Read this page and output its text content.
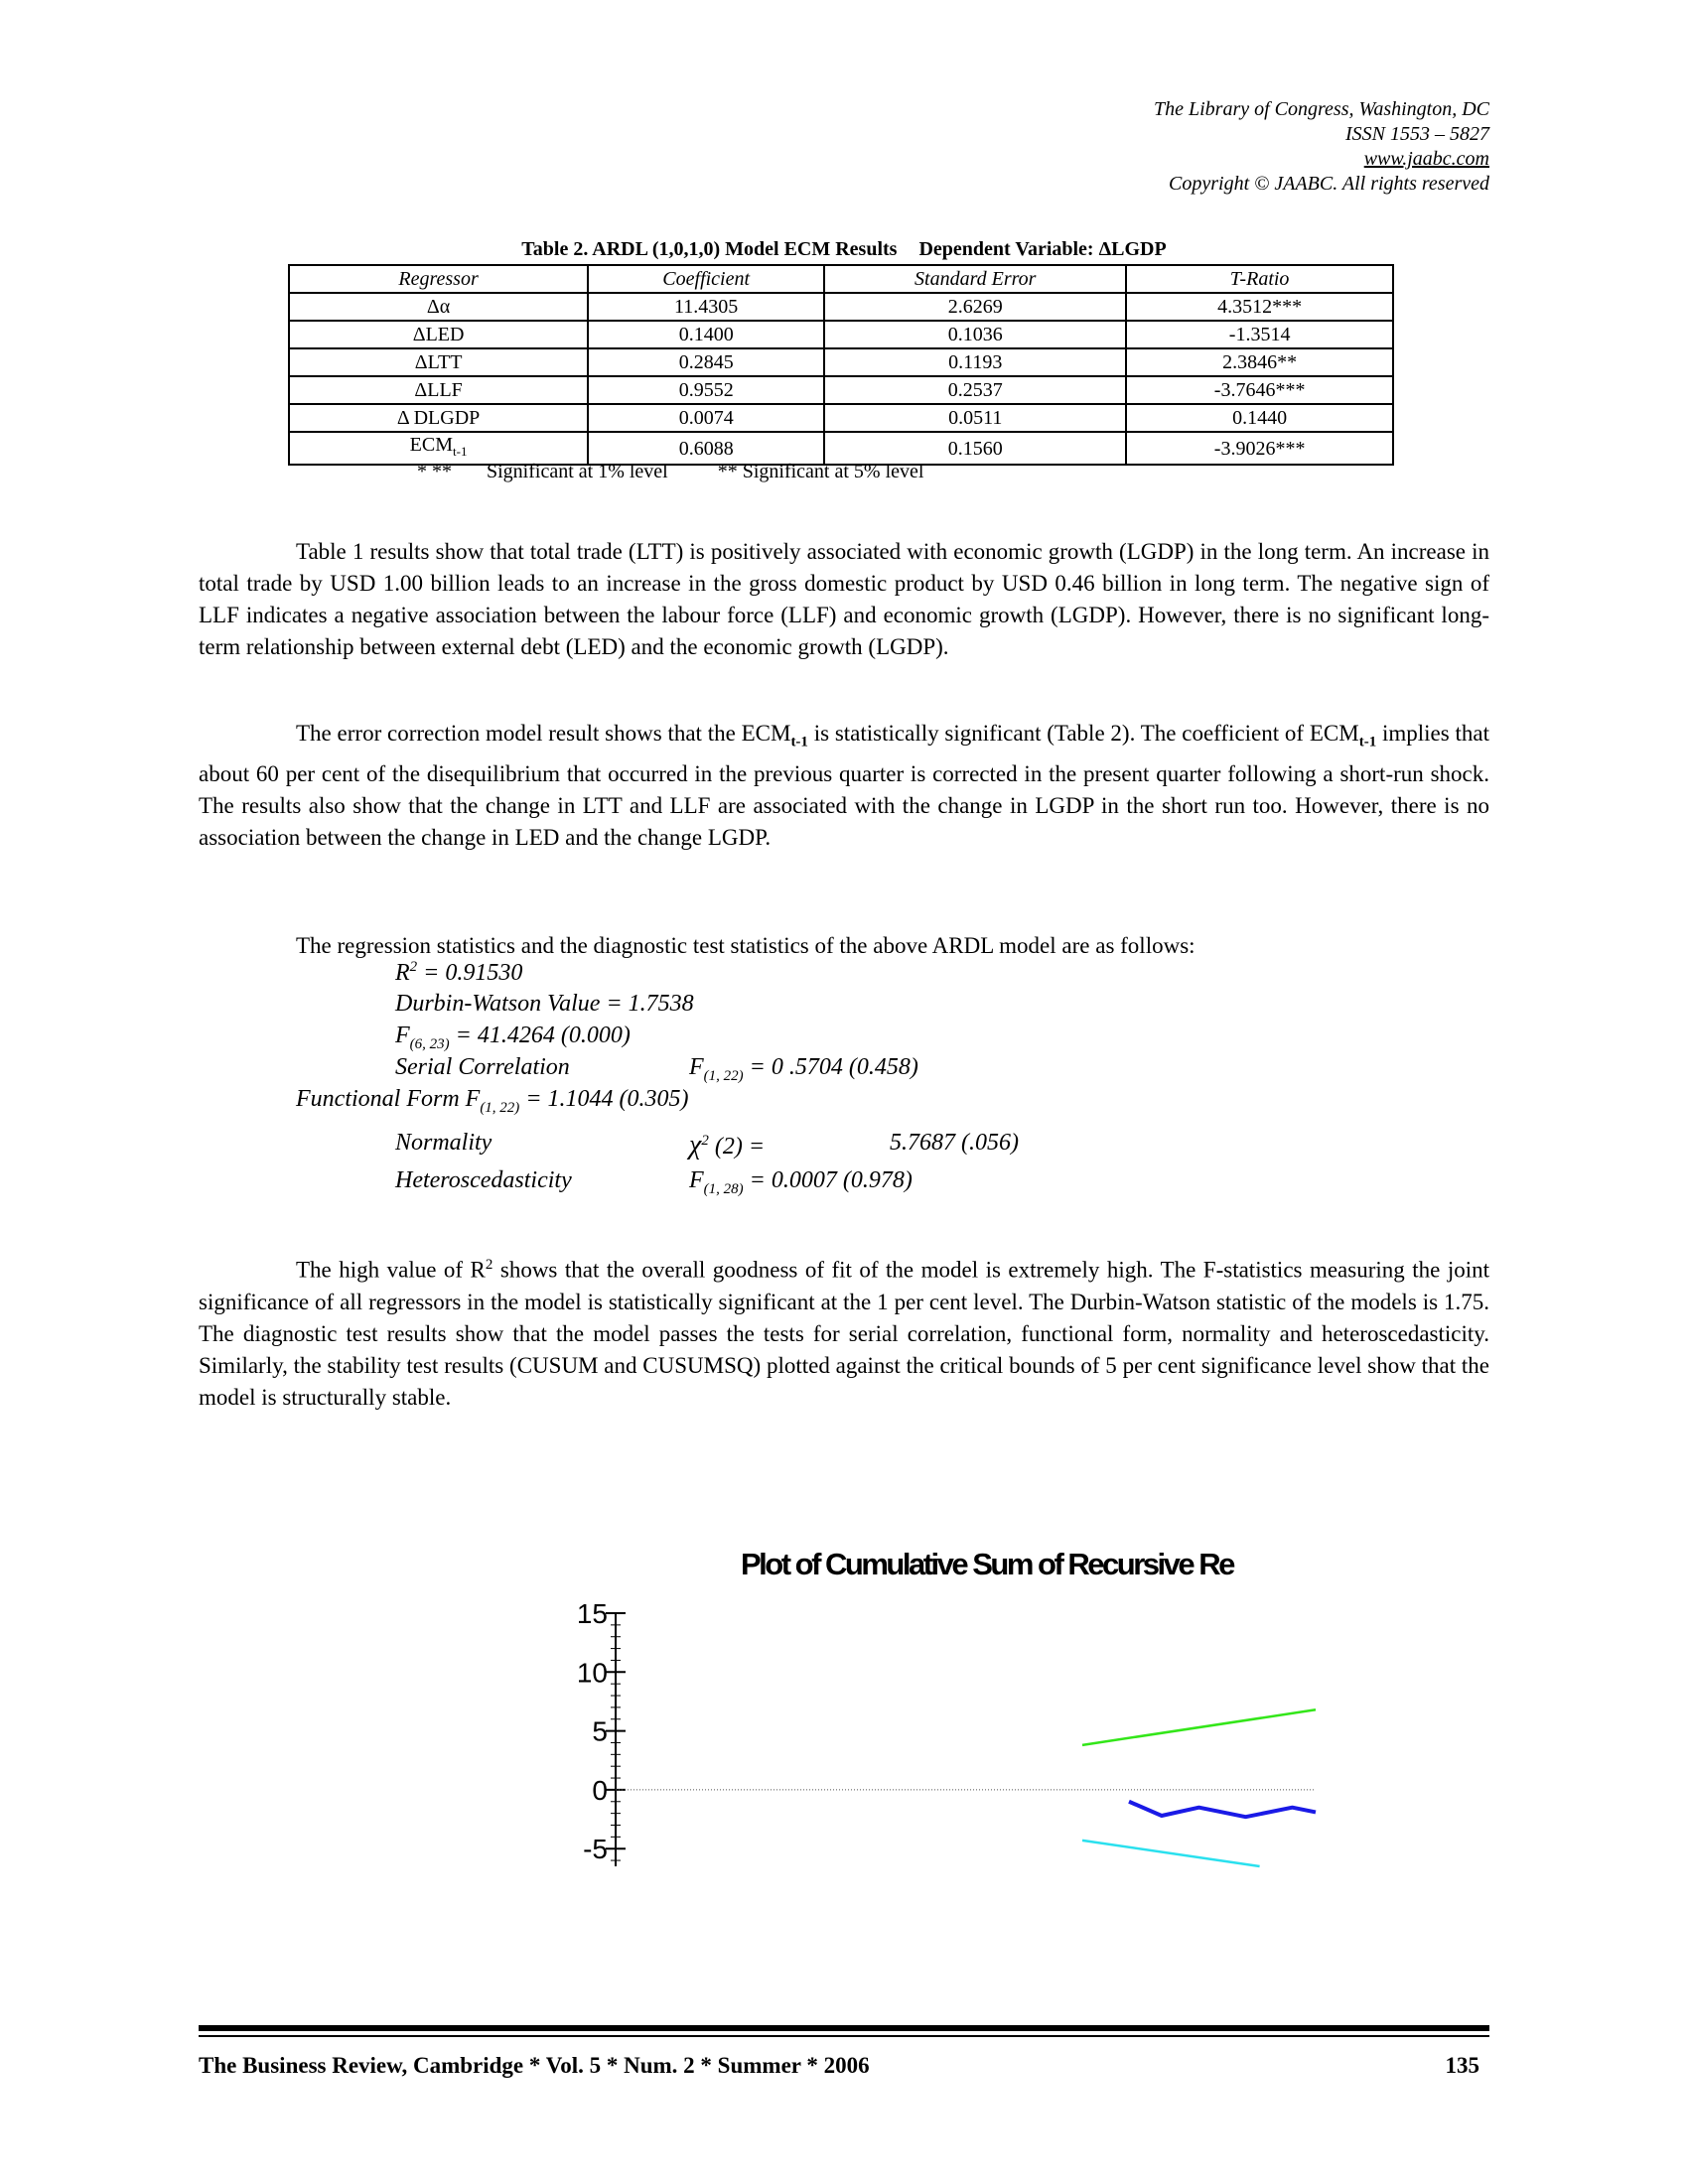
The Library of Congress, Washington, DC
ISSN 1553 – 5827
www.jaabc.com
Copyright © JAABC. All rights reserved
Table 2. ARDL (1,0,1,0) Model ECM Results Dependent Variable: ΔLGDP
Regressor	Coefficient	Standard Error	T-Ratio
Δα	11.4305	2.6269	4.3512***
ΔLED	0.1400	0.1036	-1.3514
ΔLTT	0.2845	0.1193	2.3846**
ΔLLF	0.9552	0.2537	-3.7646***
Δ DLGDP	0.0074	0.0511	0.1440
$ECM_{t-1}$	0.6088	0.1560	-3.9026***
* **       Significant at 1% level          ** Significant at 5% level

Table 1 results show that total trade (LTT) is positively associated with economic growth (LGDP) in the long term. An increase in total trade by USD 1.00 billion leads to an increase in the gross domestic product by USD 0.46 billion in long term. The negative sign of LLF indicates a negative association between the labour force (LLF) and economic growth (LGDP). However, there is no significant long-term relationship between external debt (LED) and the economic growth (LGDP).

The error correction model result shows that the $ECM_{t-1}$ is statistically significant (Table 2). The coefficient of $ECM_{t-1}$ implies that about 60 per cent of the disequilibrium that occurred in the previous quarter is corrected in the present quarter following a short-run shock. The results also show that the change in LTT and LLF are associated with the change in LGDP in the short run too. However, there is no association between the change in LED and the change LGDP.

The regression statistics and the diagnostic test statistics of the above ARDL model are as follows:

$R^2 = 0.91530$
Durbin-Watson Value = 1.7538
$F_{(6, 23)} = 41.4264$ (0.000)
Serial Correlation	$F_{(1, 22)} = 0$ .5704 (0.458)
Functional Form $F_{(1, 22)} = 1.1044$ (0.305)
Normality	$\chi^2$ (2) =	5.7687 (.056)
Heteroscedasticity	$F_{(1, 28)} = 0.0007$ (0.978)

The high value of $R^2$ shows that the overall goodness of fit of the model is extremely high. The F-statistics measuring the joint significance of all regressors in the model is statistically significant at the 1 per cent level. The Durbin-Watson statistic of the models is 1.75. The diagnostic test results show that the model passes the tests for serial correlation, functional form, normality and heteroscedasticity. Similarly, the stability test results (CUSUM and CUSUMSQ) plotted against the critical bounds of 5 per cent significance level show that the model is structurally stable.

Plot of Cumulative Sum of Recursive Re
15
10
5
0
-5
The Business Review, Cambridge * Vol. 5 * Num. 2 * Summer * 2006	135
